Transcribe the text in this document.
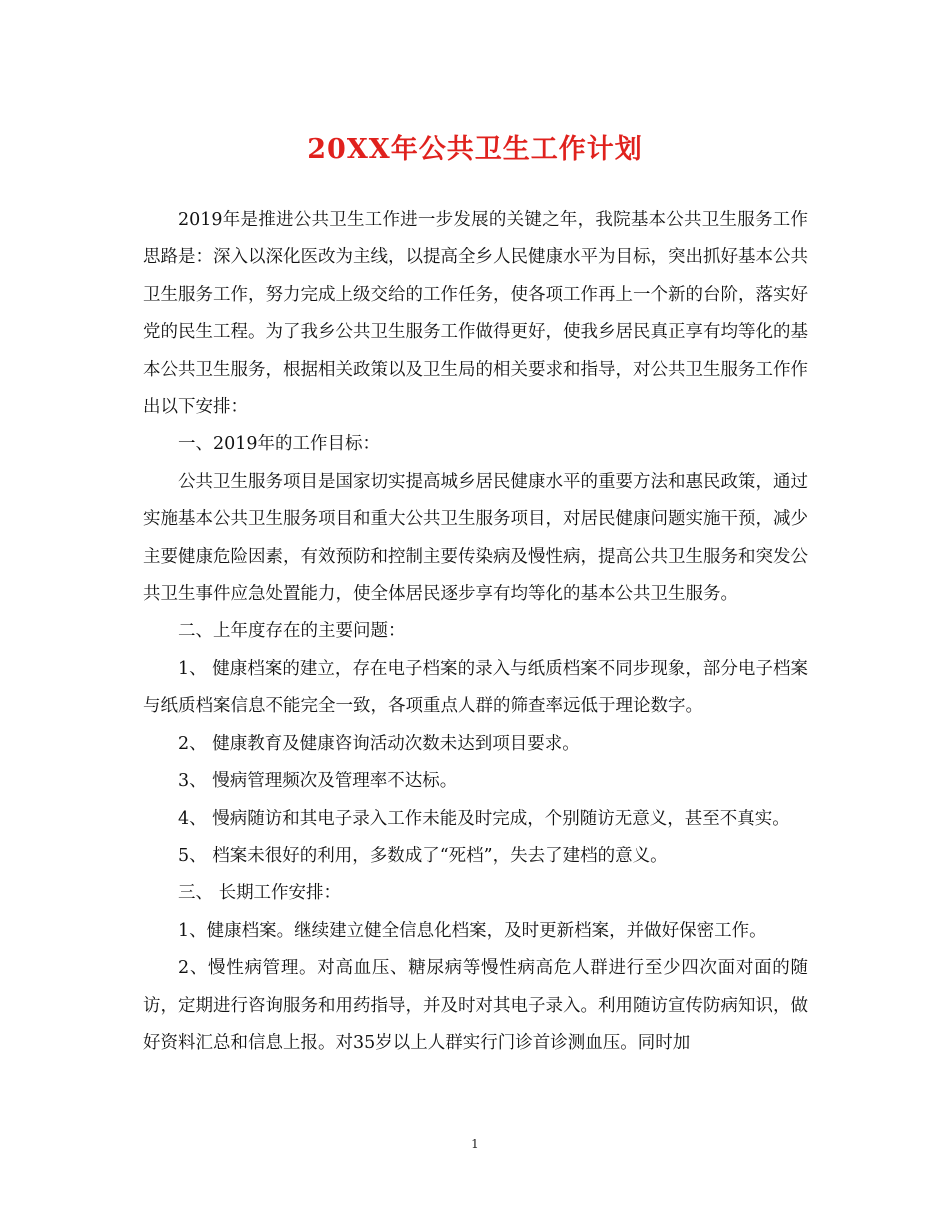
20XX年公共卫生工作计划

2019年是推进公共卫生工作进一步发展的关键之年，我院基本公共卫生服务工作思路是：深入以深化医改为主线，以提高全乡人民健康水平为目标，突出抓好基本公共卫生服务工作，努力完成上级交给的工作任务，使各项工作再上一个新的台阶，落实好党的民生工程。为了我乡公共卫生服务工作做得更好，使我乡居民真正享有均等化的基本公共卫生服务，根据相关政策以及卫生局的相关要求和指导，对公共卫生服务工作作出以下安排：

一、2019年的工作目标：

公共卫生服务项目是国家切实提高城乡居民健康水平的重要方法和惠民政策，通过实施基本公共卫生服务项目和重大公共卫生服务项目，对居民健康问题实施干预，减少主要健康危险因素，有效预防和控制主要传染病及慢性病，提高公共卫生服务和突发公共卫生事件应急处置能力，使全体居民逐步享有均等化的基本公共卫生服务。

二、上年度存在的主要问题：

1、 健康档案的建立，存在电子档案的录入与纸质档案不同步现象，部分电子档案与纸质档案信息不能完全一致，各项重点人群的筛查率远低于理论数字。

2、 健康教育及健康咨询活动次数未达到项目要求。

3、 慢病管理频次及管理率不达标。

4、 慢病随访和其电子录入工作未能及时完成，个别随访无意义，甚至不真实。

5、 档案未很好的利用，多数成了“死档”，失去了建档的意义。

三、 长期工作安排：

1、健康档案。继续建立健全信息化档案，及时更新档案，并做好保密工作。

2、慢性病管理。对高血压、糖尿病等慢性病高危人群进行至少四次面对面的随访，定期进行咨询服务和用药指导，并及时对其电子录入。利用随访宣传防病知识，做好资料汇总和信息上报。对35岁以上人群实行门诊首诊测血压。同时加

1
